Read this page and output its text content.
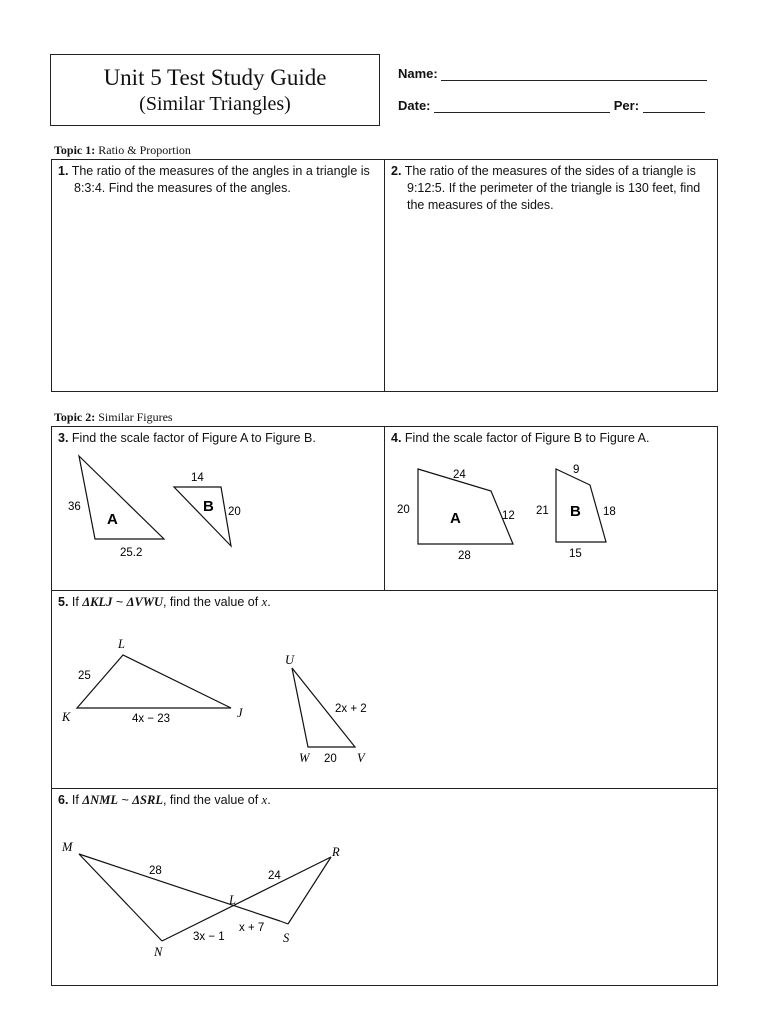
Unit 5 Test Study Guide
(Similar Triangles)
Name:
Date:	Per:
Topic 1: Ratio & Proportion
1. The ratio of the measures of the angles in a triangle is 8:3:4. Find the measures of the angles.
2. The ratio of the measures of the sides of a triangle is 9:12:5. If the perimeter of the triangle is 130 feet, find the measures of the sides.
Topic 2: Similar Figures
3. Find the scale factor of Figure A to Figure B.
A
36
25.2
B
14
20
4. Find the scale factor of Figure B to Figure A.
A
24
20	12
28
B
9
21	18
15
5. If ΔKLJ ~ ΔVWU, find the value of x.
K
L
J
25
4x − 23
U
W	V
2x + 2
20
6. If ΔNML ~ ΔSRL, find the value of x.
M	R
L
N
S
28	24
3x − 1
x + 7
